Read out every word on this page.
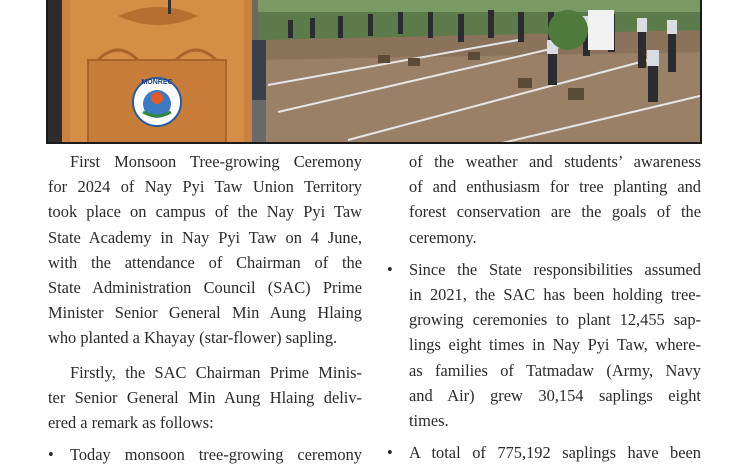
MONREC

First Monsoon Tree-growing Ceremony

for 2024 of Nay Pyi Taw Union Territory

took place on campus of the Nay Pyi Taw

State Academy in Nay Pyi Taw on 4 June,

with the attendance of Chairman of the

State Administration Council (SAC) Prime

Minister Senior General Min Aung Hlaing

who planted a Khayay (star-flower) sapling.

Firstly, the SAC Chairman Prime Minis-

ter Senior General Min Aung Hlaing deliv-

ered a remark as follows:

• Today monsoon tree-growing ceremony

of the weather and students’ awareness

of and enthusiasm for tree planting and

forest conservation are the goals of the

ceremony.

• Since the State responsibilities assumed

in 2021, the SAC has been holding tree-

growing ceremonies to plant 12,455 sap-

lings eight times in Nay Pyi Taw, where-

as families of Tatmadaw (Army, Navy

and Air) grew 30,154 saplings eight

times.

• A total of 775,192 saplings have been
